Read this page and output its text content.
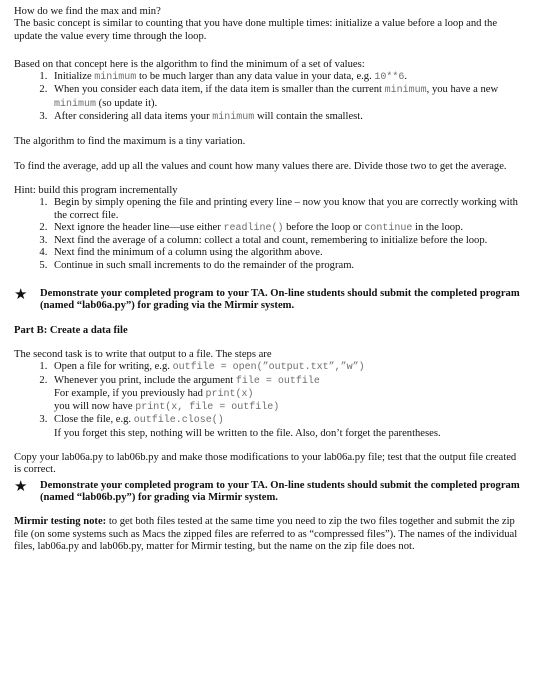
How do we find the max and min?

The basic concept is similar to counting that you have done multiple times: initialize a value before a loop and the update the value every time through the loop.

Based on that concept here is the algorithm to find the minimum of a set of values:

1. Initialize minimum to be much larger than any data value in your data, e.g. 10**6.
2. When you consider each data item, if the data item is smaller than the current minimum, you have a new minimum (so update it).
3. After considering all data items your minimum will contain the smallest.

The algorithm to find the maximum is a tiny variation.

To find the average, add up all the values and count how many values there are. Divide those two to get the average.

Hint: build this program incrementally

1. Begin by simply opening the file and printing every line – now you know that you are correctly working with the correct file.
2. Next ignore the header line—use either readline() before the loop or continue in the loop.
3. Next find the average of a column: collect a total and count, remembering to initialize before the loop.
4. Next find the minimum of a column using the algorithm above.
5. Continue in such small increments to do the remainder of the program.
★	Demonstrate your completed program to your TA. On-line students should submit the completed program (named “lab06a.py”) for grading via the Mirmir system.

Part B: Create a data file

The second task is to write that output to a file. The steps are

1. Open a file for writing, e.g. outfile = open(”output.txt”,”w”)
2. Whenever you print, include the argument file = outfile
For example, if you previously had print(x)
you will now have print(x, file = outfile)
3. Close the file, e.g. outfile.close()
If you forget this step, nothing will be written to the file. Also, don’t forget the parentheses.

Copy your lab06a.py to lab06b.py and make those modifications to your lab06a.py file; test that the output file created is correct.

★	Demonstrate your completed program to your TA. On-line students should submit the completed program (named “lab06b.py”) for grading via Mirmir system.

Mirmir testing note: to get both files tested at the same time you need to zip the two files together and submit the zip file (on some systems such as Macs the zipped files are referred to as “compressed files”). The names of the individual files, lab06a.py and lab06b.py, matter for Mirmir testing, but the name on the zip file does not.
